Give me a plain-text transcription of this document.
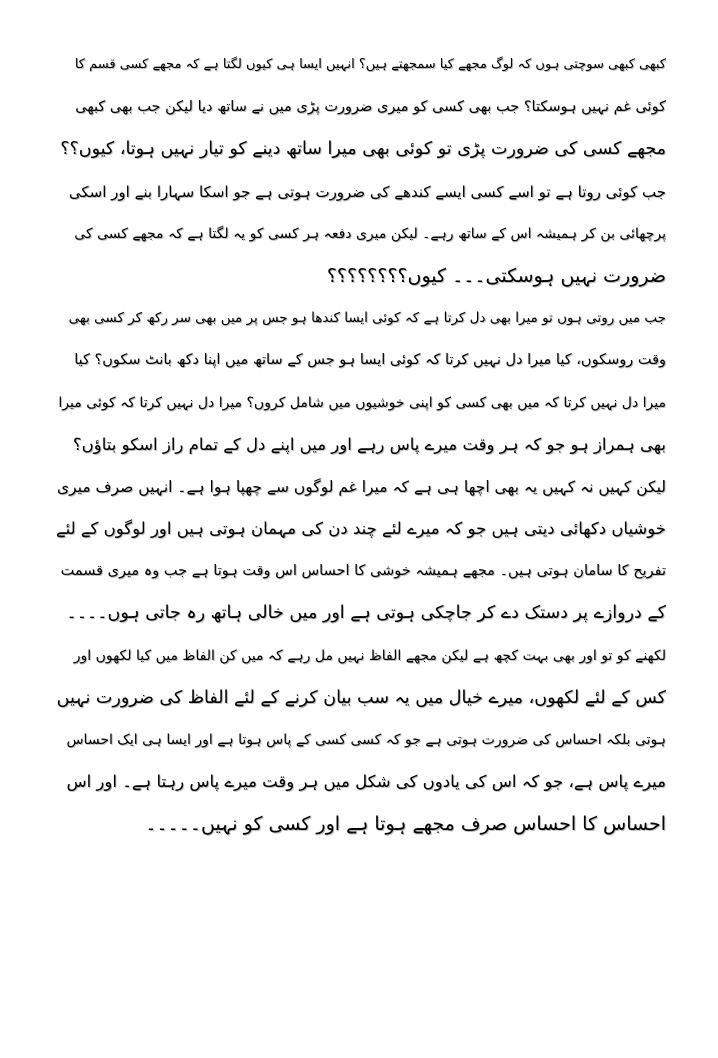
کبھی کبھی سوچتی ہوں کہ لوگ مجھے کیا سمجھتے ہیں؟ انہیں ایسا ہی کیوں لگتا ہے کہ مجھے کسی قسم کا
کوئی غم نہیں ہوسکتا؟ جب بھی کسی کو میری ضرورت پڑی میں نے ساتھ دیا لیکن جب بھی کبھی
مجھے کسی کی ضرورت پڑی تو کوئی بھی میرا ساتھ دینے کو تیار نہیں ہوتا، کیوں؟؟
جب کوئی روتا ہے تو اسے کسی ایسے کندھے کی ضرورت ہوتی ہے جو اسکا سہارا بنے اور اسکی
پرچھائی بن کر ہمیشہ اس کے ساتھ رہے۔ لیکن میری دفعہ ہر کسی کو یہ لگتا ہے کہ مجھے کسی کی
ضرورت نہیں ہوسکتی۔۔۔ کیوں؟؟؟؟؟؟؟؟
جب میں روتی ہوں تو میرا بھی دل کرتا ہے کہ کوئی ایسا کندھا ہو جس پر میں بھی سر رکھ کر کسی بھی
وقت روسکوں، کیا میرا دل نہیں کرتا کہ کوئی ایسا ہو جس کے ساتھ میں اپنا دکھ بانٹ سکوں؟ کیا
میرا دل نہیں کرتا کہ میں بھی کسی کو اپنی خوشیوں میں شامل کروں؟ میرا دل نہیں کرتا کہ کوئی میرا
بھی ہمراز ہو جو کہ ہر وقت میرے پاس رہے اور میں اپنے دل کے تمام راز اسکو بتاؤں؟
لیکن کہیں نہ کہیں یہ بھی اچھا ہی ہے کہ میرا غم لوگوں سے چھپا ہوا ہے۔ انہیں صرف میری
خوشیاں دکھائی دیتی ہیں جو کہ میرے لئے چند دن کی مہمان ہوتی ہیں اور لوگوں کے لئے
تفریح کا سامان ہوتی ہیں۔ مجھے ہمیشہ خوشی کا احساس اس وقت ہوتا ہے جب وہ میری قسمت
کے دروازے پر دستک دے کر جاچکی ہوتی ہے اور میں خالی ہاتھ رہ جاتی ہوں۔۔۔۔
لکھنے کو تو اور بھی بہت کچھ ہے لیکن مجھے الفاظ نہیں مل رہے کہ میں کن الفاظ میں کیا لکھوں اور
کس کے لئے لکھوں، میرے خیال میں یہ سب بیان کرنے کے لئے الفاظ کی ضرورت نہیں
ہوتی بلکہ احساس کی ضرورت ہوتی ہے جو کہ کسی کسی کے پاس ہوتا ہے اور ایسا ہی ایک احساس
میرے پاس ہے، جو کہ اس کی یادوں کی شکل میں ہر وقت میرے پاس رہتا ہے۔ اور اس
احساس کا احساس صرف مجھے ہوتا ہے اور کسی کو نہیں۔۔۔۔۔
